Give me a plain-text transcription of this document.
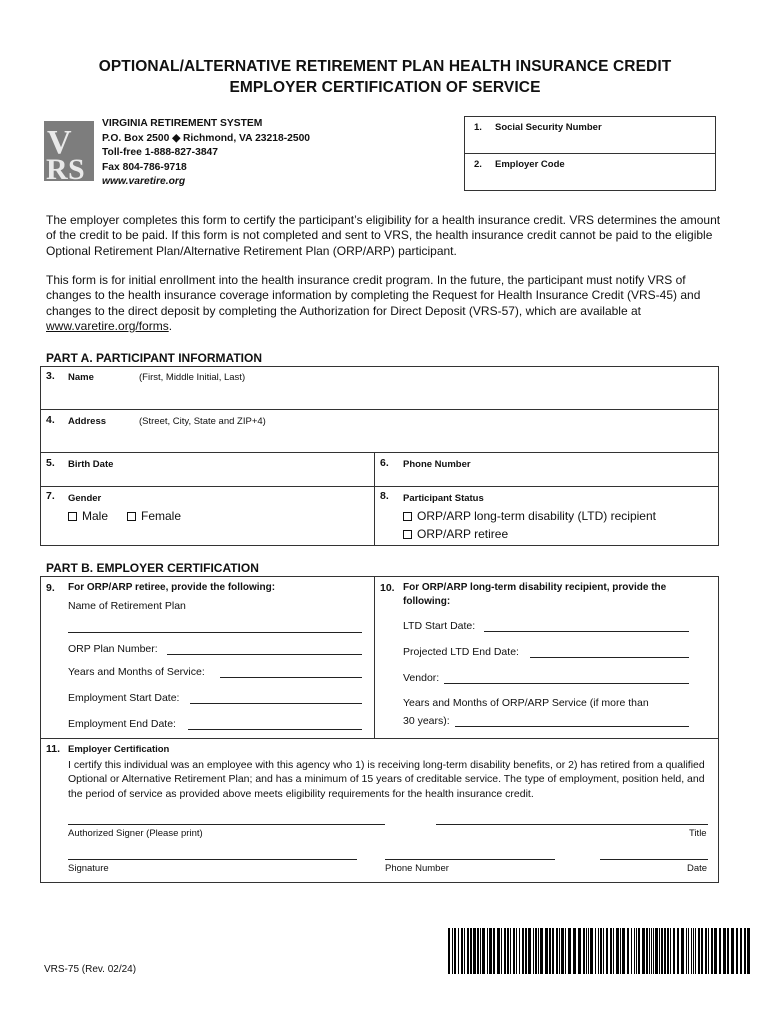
OPTIONAL/ALTERNATIVE RETIREMENT PLAN HEALTH INSURANCE CREDIT
EMPLOYER CERTIFICATION OF SERVICE
V
R S
VIRGINIA RETIREMENT SYSTEM
P.O. Box 2500 ◆ Richmond, VA 23218-2500
Toll-free 1-888-827-3847
Fax 804-786-9718
www.varetire.org
1. Social Security Number
2. Employer Code
The employer completes this form to certify the participant’s eligibility for a health insurance credit. VRS determines the amount of the credit to be paid. If this form is not completed and sent to VRS, the health insurance credit cannot be paid to the eligible Optional Retirement Plan/Alternative Retirement Plan (ORP/ARP) participant.
This form is for initial enrollment into the health insurance credit program. In the future, the participant must notify VRS of changes to the health insurance coverage information by completing the Request for Health Insurance Credit (VRS-45) and changes to the direct deposit by completing the Authorization for Direct Deposit (VRS-57), which are available at www.varetire.org/forms.
PART A. PARTICIPANT INFORMATION
3. Name	(First, Middle Initial, Last)
4. Address	(Street, City, State and ZIP+4)
5. Birth Date	6. Phone Number
7. Gender
Male	Female
8. Participant Status
ORP/ARP long-term disability (LTD) recipient
ORP/ARP retiree
PART B. EMPLOYER CERTIFICATION
9. For ORP/ARP retiree, provide the following:
Name of Retirement Plan
ORP Plan Number:
Years and Months of Service:
Employment Start Date:
Employment End Date:
10. For ORP/ARP long-term disability recipient, provide the
following:
LTD Start Date:
Projected LTD End Date:
Vendor:
Years and Months of ORP/ARP Service (if more than
30 years):
11. Employer Certification
I certify this individual was an employee with this agency who 1) is receiving long-term disability benefits, or 2) has retired from a qualified Optional or Alternative Retirement Plan; and has a minimum of 15 years of creditable service. The type of employment, position held, and the period of service as provided above meets eligibility requirements for the health insurance credit.
Authorized Signer (Please print)	Title
Signature	Phone Number	Date
VRS-75 (Rev. 02/24)
